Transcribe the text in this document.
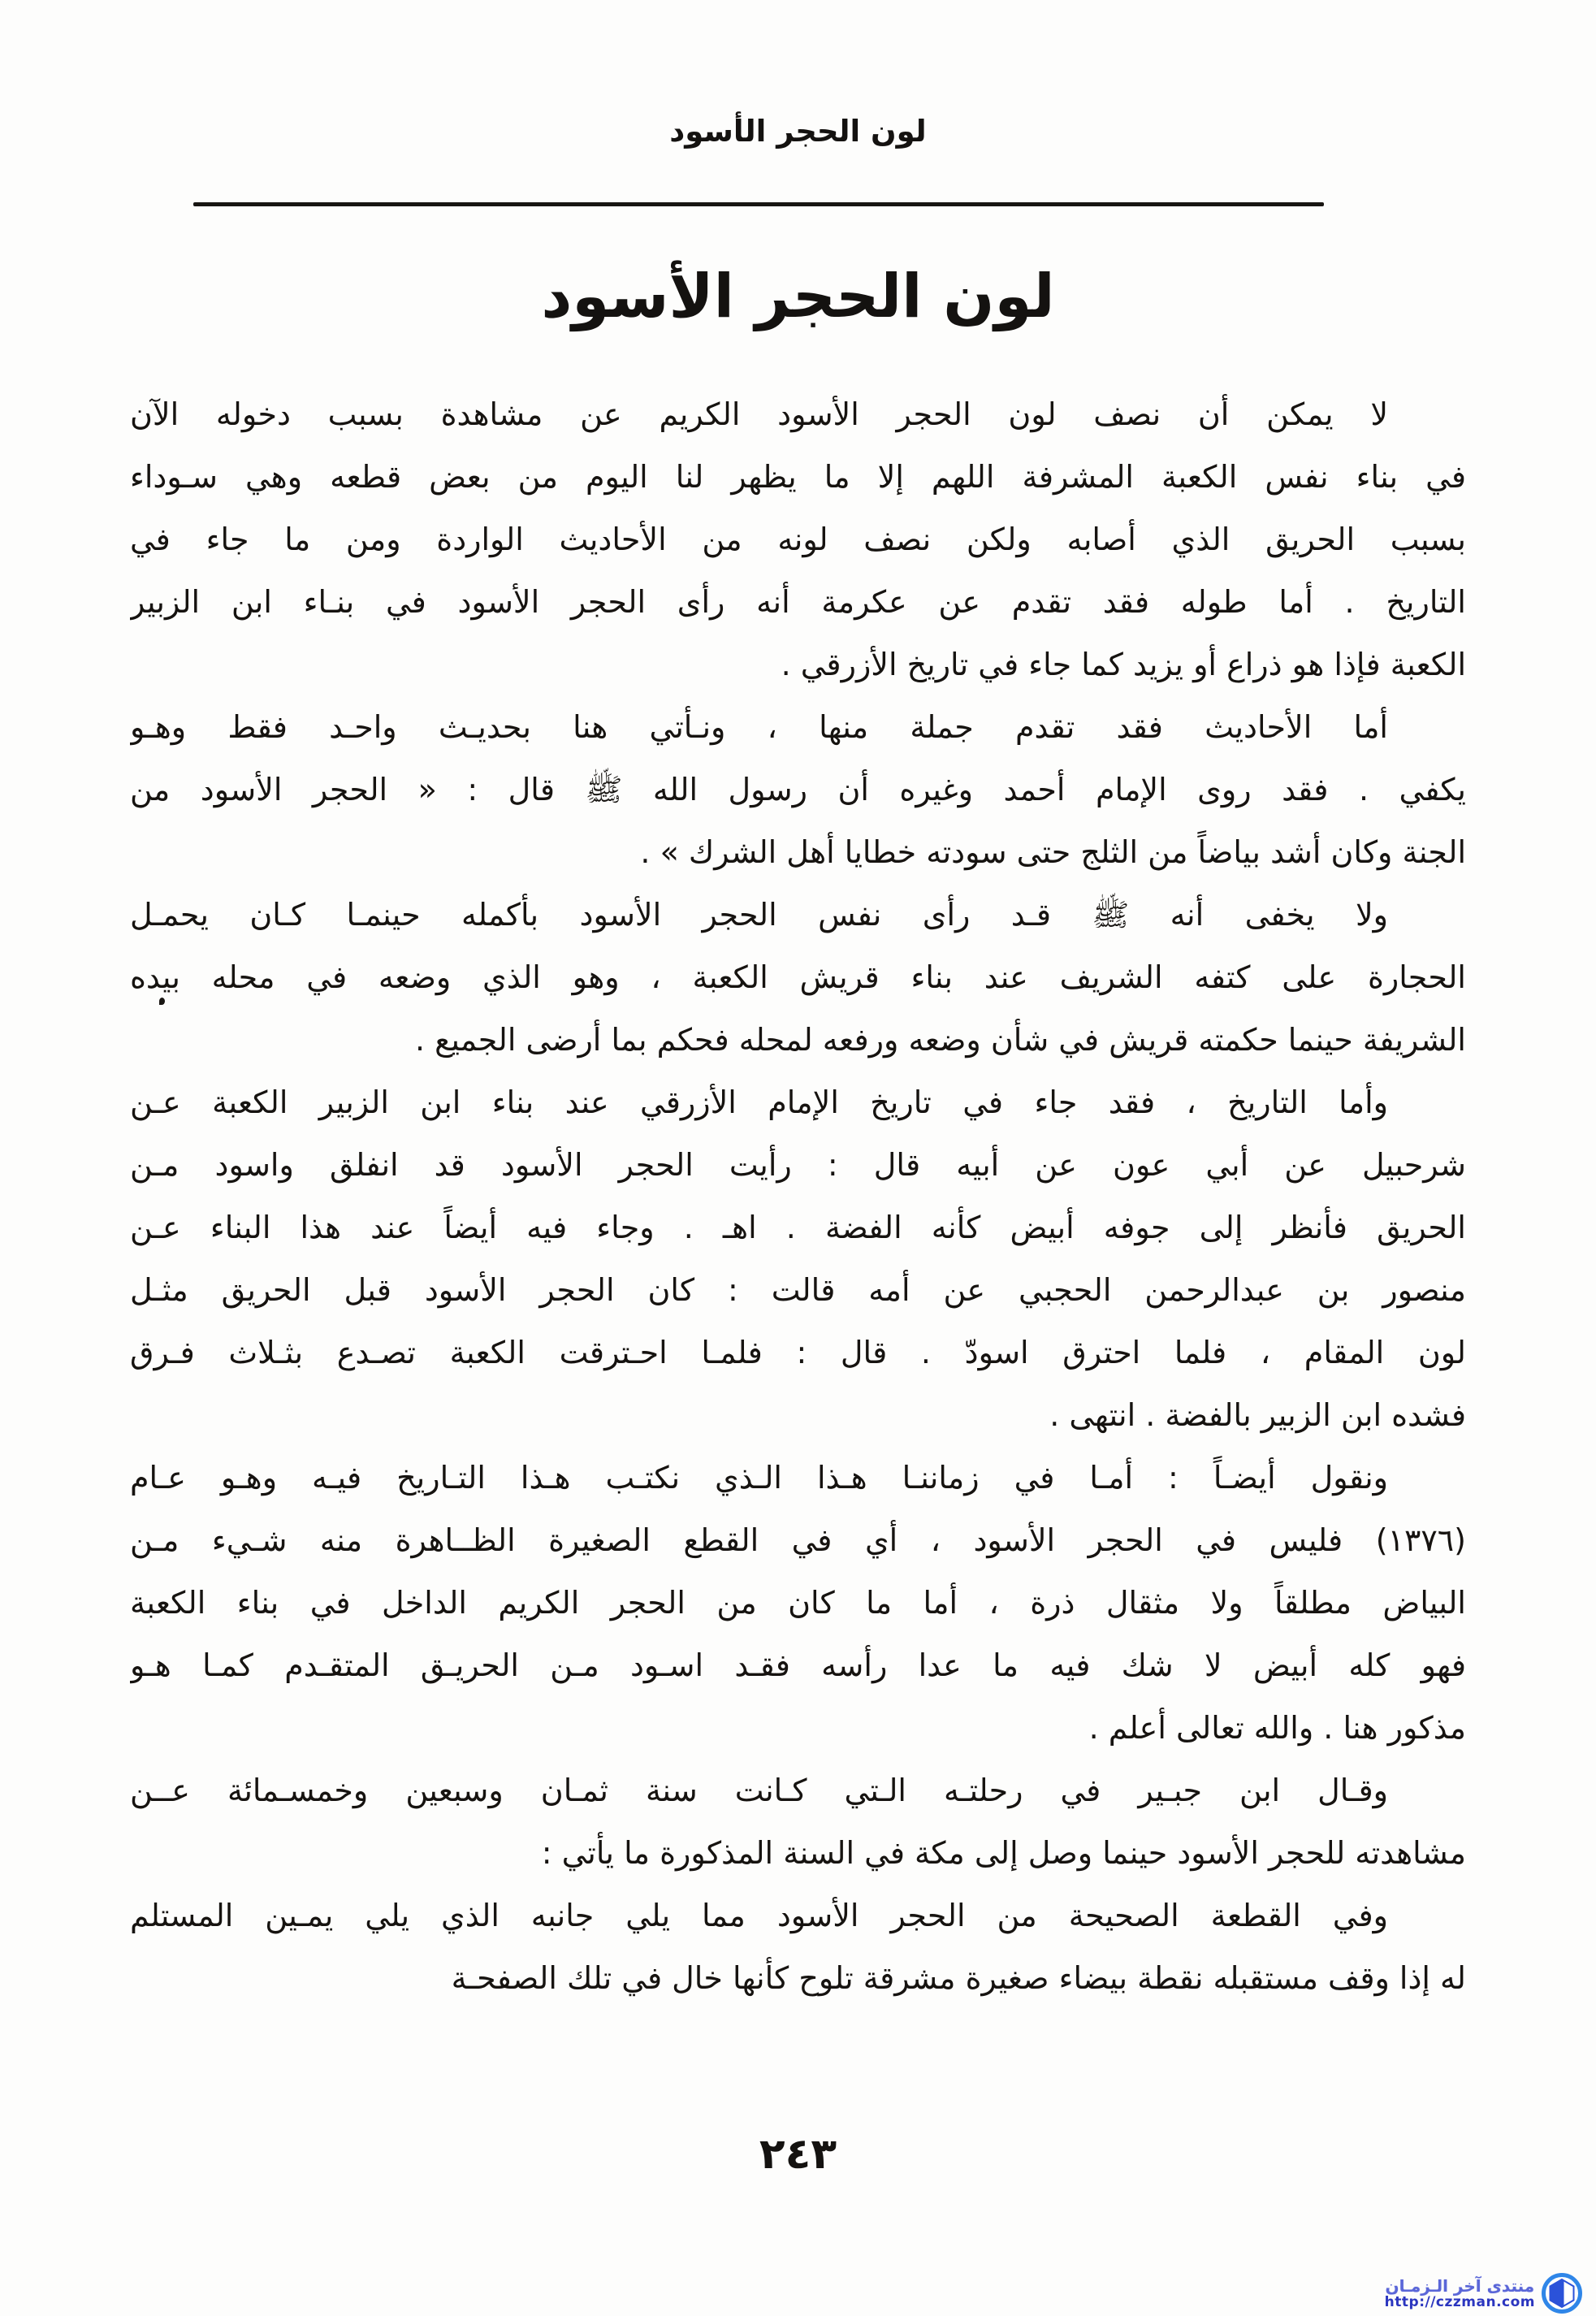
لون الحجر الأسود
لون الحجر الأسود
لا يمكن أن نصف لون الحجر الأسود الكريم عن مشاهدة بسبب دخوله الآن
في بناء نفس الكعبة المشرفة اللهم إلا ما يظهر لنا اليوم من بعض قطعه وهي سـوداء
بسبب الحريق الذي أصابه ولكن نصف لونه من الأحاديث الواردة ومن ما جاء في
التاريخ . أما طوله فقد تقدم عن عكرمة أنه رأى الحجر الأسود في بنـاء ابن الزبير
الكعبة فإذا هو ذراع أو يزيد كما جاء في تاريخ الأزرقي .
أما الأحاديث فقد تقدم جملة منها ، ونـأتي هنا بحديـث واحـد فقط وهـو
يكفي . فقد روى الإمام أحمد وغيره أن رسول الله ﷺ قال : « الحجر الأسود من
الجنة وكان أشد بياضاً من الثلج حتى سودته خطايا أهل الشرك » .
ولا يخفى أنه ﷺ قـد رأى نفس الحجر الأسود بأكمله حينمـا كـان يحمـل
الحجارة على كتفه الشريف عند بناء قريش الكعبة ، وهو الذي وضعه في محله بيده
الشريفة حينما حكمته قريش في شأن وضعه ورفعه لمحله فحكم بما أرضى الجميع .
وأما التاريخ ، فقد جاء في تاريخ الإمام الأزرقي عند بناء ابن الزبير الكعبة عـن
شرحبيل عن أبي عون عن أبيه قال : رأيت الحجر الأسود قد انفلق واسود مـن
الحريق فأنظر إلى جوفه أبيض كأنه الفضة . اهـ . وجاء فيه أيضاً عند هذا البناء عـن
منصور بن عبدالرحمن الحجبي عن أمه قالت : كان الحجر الأسود قبل الحريق مثـل
لون المقام ، فلما احترق اسودّ . قال : فلمـا احـترقت الكعبة تصـدع بثـلاث فـرق
فشده ابن الزبير بالفضة . انتهى .
ونقول أيضـاً : أمـا في زماننـا هـذا الـذي نكتـب هـذا التـاريخ فيـه وهـو عـام
(١٣٧٦) فليس في الحجر الأسود ، أي في القطع الصغيرة الظــاهرة منه شـيء مـن
البياض مطلقاً ولا مثقال ذرة ، أما ما كان من الحجر الكريم الداخل في بناء الكعبة
فهو كله أبيض لا شك فيه ما عدا رأسه فقـد اسـود مـن الحريـق المتقـدم كمـا هـو
مذكور هنا . والله تعالى أعلم .
وقـال ابن جبـير في رحلتـه الـتي كـانت سنة ثمـان وسبعين وخمسـمائة عــن
مشاهدته للحجر الأسود حينما وصل إلى مكة في السنة المذكورة ما يأتي :
وفي القطعة الصحيحة من الحجر الأسود مما يلي جانبه الذي يلي يمـين المستلم
له إذا وقف مستقبله نقطة بيضاء صغيرة مشرقة تلوح كأنها خال في تلك الصفحـة
٢٤٣
منتدى آخر الـزمـان
http://czzman.com
